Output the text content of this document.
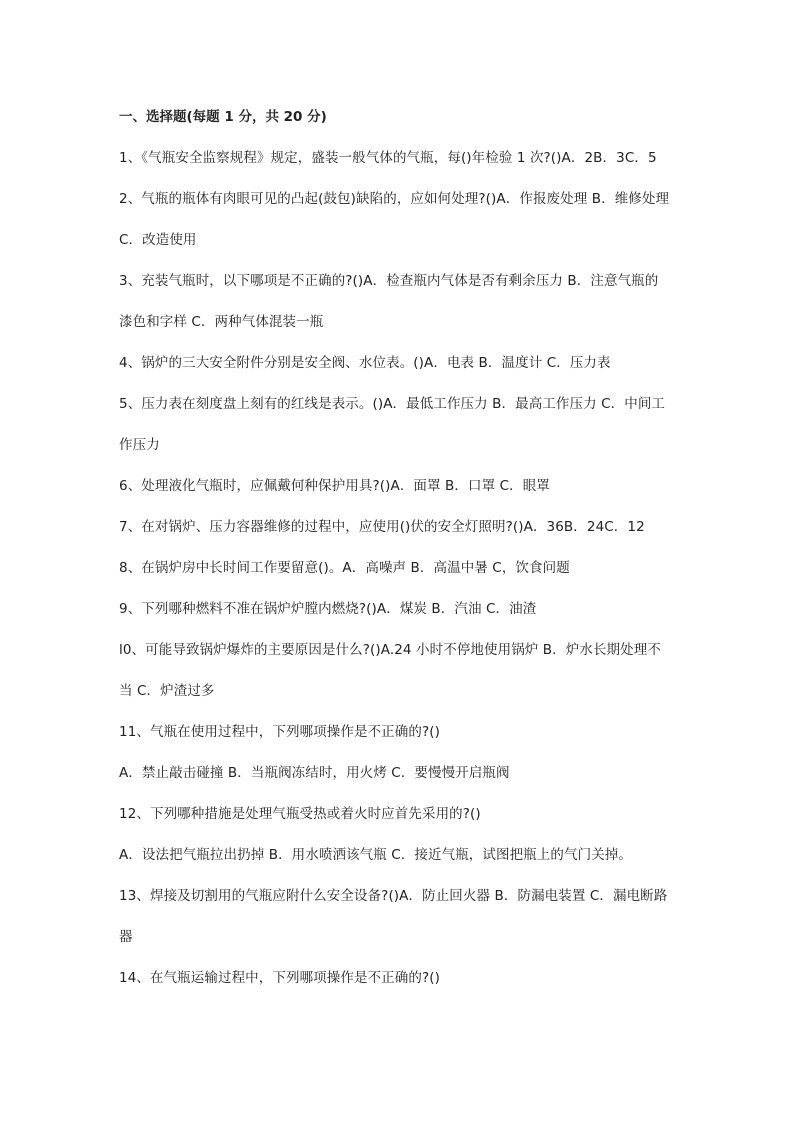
一、选择题(每题 1 分，共 20 分)
1、《气瓶安全监察规程》规定，盛装一般气体的气瓶，每()年检验 1 次?()A．2B．3C．5
2、气瓶的瓶体有肉眼可见的凸起(鼓包)缺陷的，应如何处理?()A．作报废处理 B．维修处理
C．改造使用
3、充装气瓶时，以下哪项是不正确的?()A．检查瓶内气体是否有剩余压力 B．注意气瓶的
漆色和字样 C．两种气体混装一瓶
4、锅炉的三大安全附件分别是安全阀、水位表。()A．电表 B．温度计 C．压力表
5、压力表在刻度盘上刻有的红线是表示。()A．最低工作压力 B．最高工作压力 C．中间工
作压力
6、处理液化气瓶时，应佩戴何种保护用具?()A．面罩 B．口罩 C．眼罩
7、在对锅炉、压力容器维修的过程中，应使用()伏的安全灯照明?()A．36B．24C．12
8、在锅炉房中长时间工作要留意()。A．高噪声 B．高温中暑 C，饮食问题
9、下列哪种燃料不准在锅炉炉膛内燃烧?()A．煤炭 B．汽油 C．油渣
l0、可能导致锅炉爆炸的主要原因是什么?()A.24 小时不停地使用锅炉 B．炉水长期处理不
当 C．炉渣过多
11、气瓶在使用过程中，下列哪项操作是不正确的?()
A．禁止敲击碰撞 B．当瓶阀冻结时，用火烤 C．要慢慢开启瓶阀
12、下列哪种措施是处理气瓶受热或着火时应首先采用的?()
A．设法把气瓶拉出扔掉 B．用水喷洒该气瓶 C．接近气瓶，试图把瓶上的气门关掉。
13、焊接及切割用的气瓶应附什么安全设备?()A．防止回火器 B．防漏电装置 C．漏电断路
器
14、在气瓶运输过程中，下列哪项操作是不正确的?()
